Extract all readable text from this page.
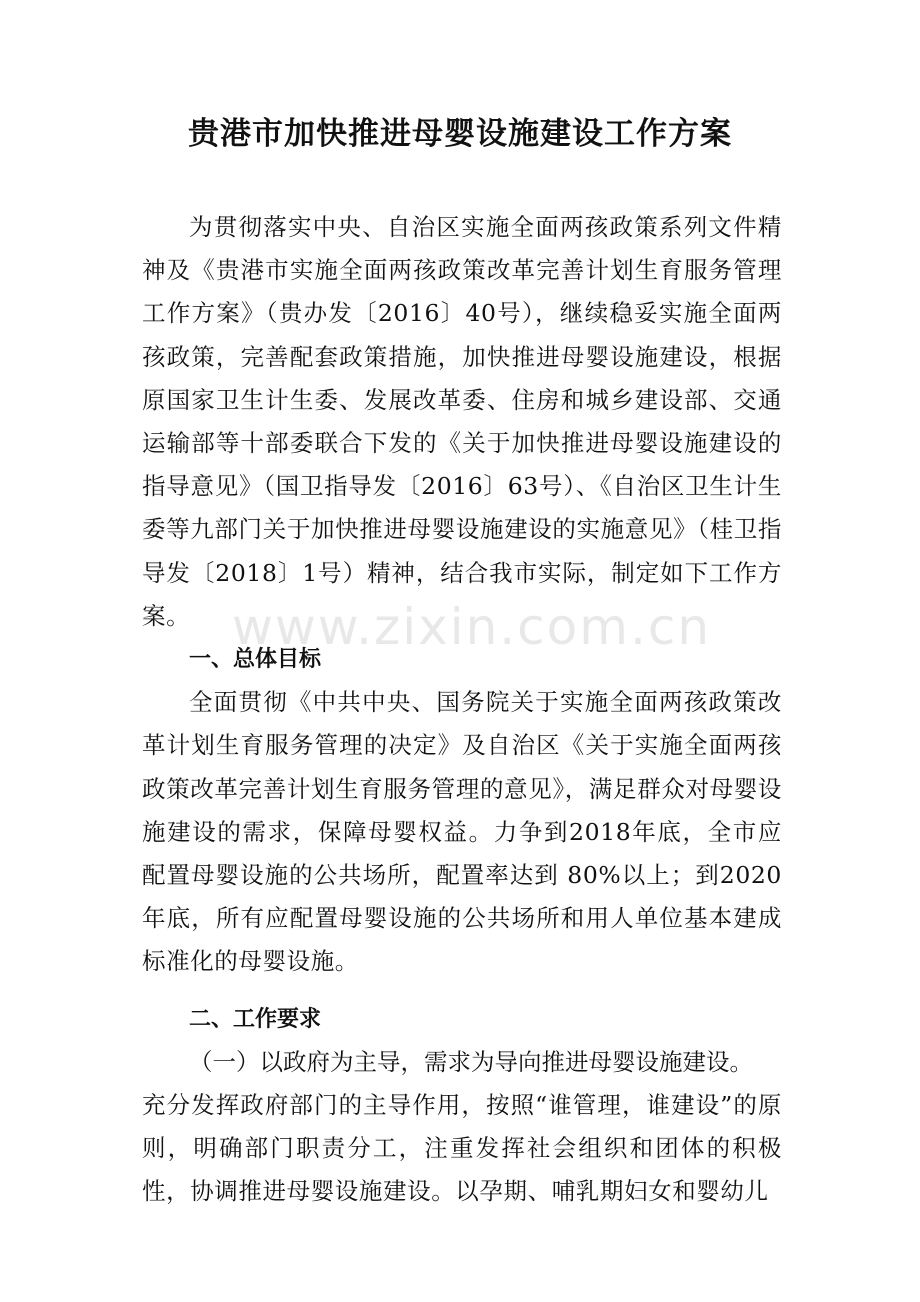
贵港市加快推进母婴设施建设工作方案

为贯彻落实中央、自治区实施全面两孩政策系列文件精神及《贵港市实施全面两孩政策改革完善计划生育服务管理工作方案》（贵办发〔2016〕40号），继续稳妥实施全面两孩政策，完善配套政策措施，加快推进母婴设施建设，根据原国家卫生计生委、发展改革委、住房和城乡建设部、交通运输部等十部委联合下发的《关于加快推进母婴设施建设的指导意见》（国卫指导发〔2016〕63号）、《自治区卫生计生委等九部门关于加快推进母婴设施建设的实施意见》（桂卫指导发〔2018〕1号）精神，结合我市实际，制定如下工作方案。

一、总体目标

全面贯彻《中共中央、国务院关于实施全面两孩政策改革计划生育服务管理的决定》及自治区《关于实施全面两孩政策改革完善计划生育服务管理的意见》，满足群众对母婴设施建设的需求，保障母婴权益。力争到2018年底，全市应配置母婴设施的公共场所，配置率达到 80%以上；到2020年底，所有应配置母婴设施的公共场所和用人单位基本建成标准化的母婴设施。

二、工作要求

（一）以政府为主导，需求为导向推进母婴设施建设。

充分发挥政府部门的主导作用，按照“谁管理，谁建设”的原则，明确部门职责分工，注重发挥社会组织和团体的积极性，协调推进母婴设施建设。以孕期、哺乳期妇女和婴幼儿

www.zixin.com.cn
